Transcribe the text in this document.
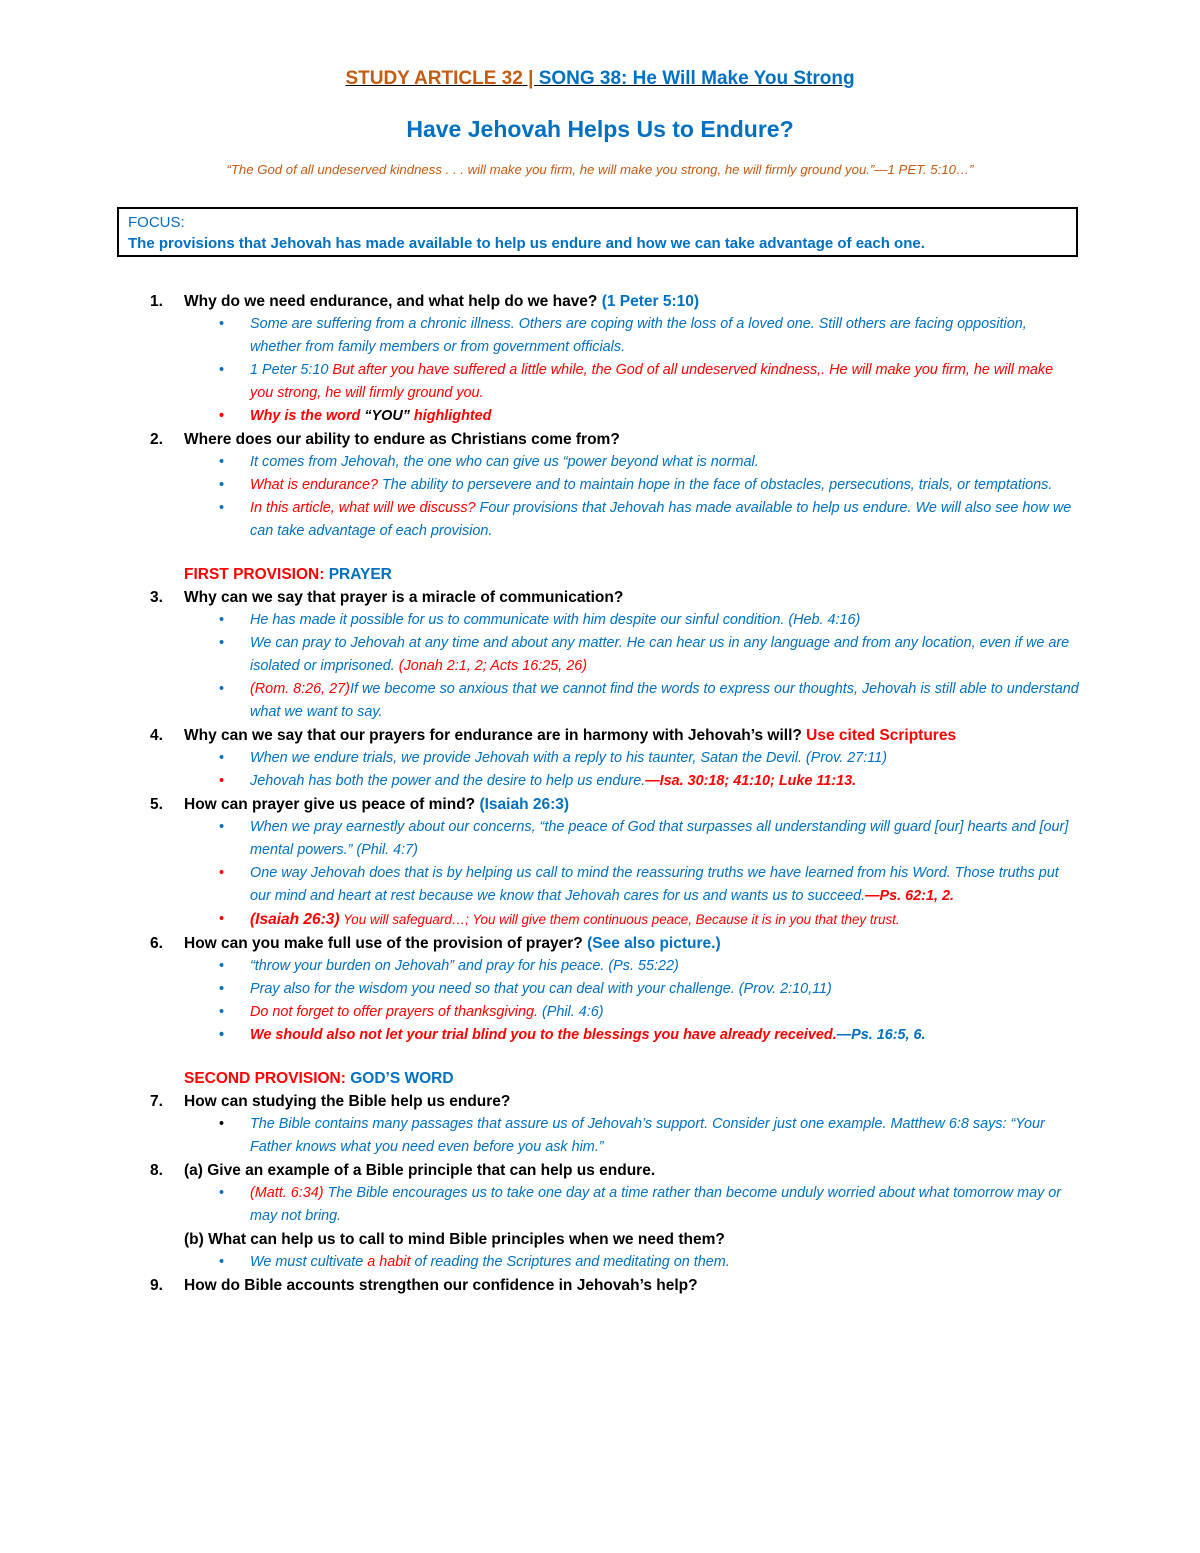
STUDY ARTICLE 32 | SONG 38: He Will Make You Strong
Have Jehovah Helps Us to Endure?
“The God of all undeserved kindness . . . will make you firm, he will make you strong, he will firmly ground you.”—1 PET. 5:10…”
FOCUS:
The provisions that Jehovah has made available to help us endure and how we can take advantage of each one.
1. Why do we need endurance, and what help do we have? (1 Peter 5:10)
• Some are suffering from a chronic illness. Others are coping with the loss of a loved one. Still others are facing opposition, whether from family members or from government officials.
• 1 Peter 5:10 But after you have suffered a little while, the God of all undeserved kindness,. He will make you firm, he will make you strong, he will firmly ground you.
• Why is the word “YOU” highlighted
2. Where does our ability to endure as Christians come from?
• It comes from Jehovah, the one who can give us “power beyond what is normal.
• What is endurance? The ability to persevere and to maintain hope in the face of obstacles, persecutions, trials, or temptations.
• In this article, what will we discuss? Four provisions that Jehovah has made available to help us endure. We will also see how we can take advantage of each provision.
FIRST PROVISION: PRAYER
3. Why can we say that prayer is a miracle of communication?
• He has made it possible for us to communicate with him despite our sinful condition. (Heb. 4:16)
• We can pray to Jehovah at any time and about any matter. He can hear us in any language and from any location, even if we are isolated or imprisoned. (Jonah 2:1, 2; Acts 16:25, 26)
• (Rom. 8:26, 27)If we become so anxious that we cannot find the words to express our thoughts, Jehovah is still able to understand what we want to say.
4. Why can we say that our prayers for endurance are in harmony with Jehovah’s will? Use cited Scriptures
• When we endure trials, we provide Jehovah with a reply to his taunter, Satan the Devil. (Prov. 27:11)
• Jehovah has both the power and the desire to help us endure.—Isa. 30:18; 41:10; Luke 11:13.
5. How can prayer give us peace of mind? (Isaiah 26:3)
• When we pray earnestly about our concerns, “the peace of God that surpasses all understanding will guard [our] hearts and [our] mental powers.” (Phil. 4:7)
• One way Jehovah does that is by helping us call to mind the reassuring truths we have learned from his Word. Those truths put our mind and heart at rest because we know that Jehovah cares for us and wants us to succeed.—Ps. 62:1, 2.
• (Isaiah 26:3) You will safeguard…; You will give them continuous peace, Because it is in you that they trust.
6. How can you make full use of the provision of prayer? (See also picture.)
• “throw your burden on Jehovah” and pray for his peace. (Ps. 55:22)
• Pray also for the wisdom you need so that you can deal with your challenge. (Prov. 2:10,11)
• Do not forget to offer prayers of thanksgiving. (Phil. 4:6)
• We should also not let your trial blind you to the blessings you have already received.—Ps. 16:5, 6.
SECOND PROVISION: GOD’S WORD
7. How can studying the Bible help us endure?
• The Bible contains many passages that assure us of Jehovah’s support. Consider just one example. Matthew 6:8 says: “Your Father knows what you need even before you ask him.”
8. (a) Give an example of a Bible principle that can help us endure.
• (Matt. 6:34) The Bible encourages us to take one day at a time rather than become unduly worried about what tomorrow may or may not bring.
(b) What can help us to call to mind Bible principles when we need them?
• We must cultivate a habit of reading the Scriptures and meditating on them.
9. How do Bible accounts strengthen our confidence in Jehovah’s help?
